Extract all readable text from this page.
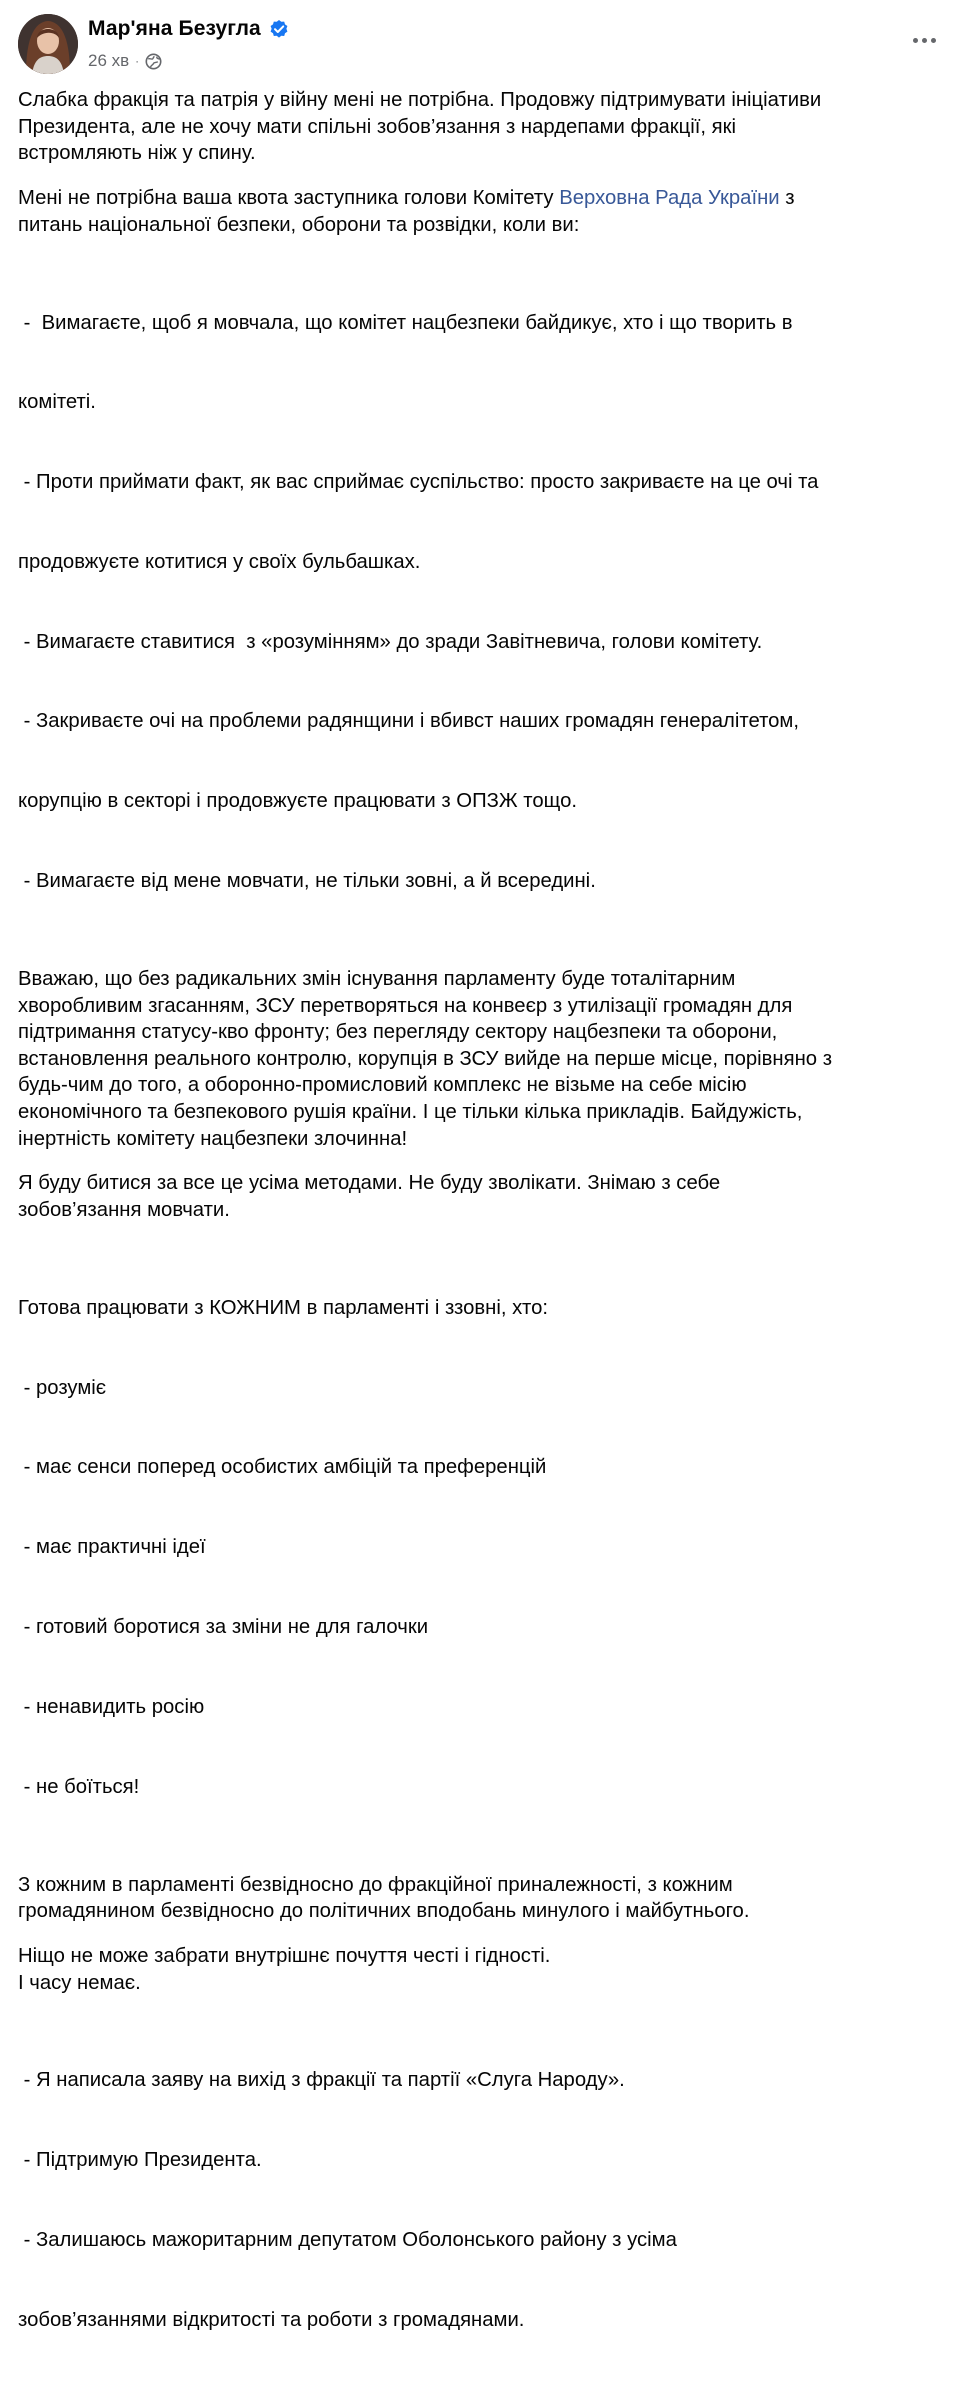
Мар'яна Безугла
26 хв ·
Слабка фракція та патрія у війну мені не потрібна. Продовжу підтримувати ініціативи
Президента, але не хочу мати спільні зобов’язання з нардепами фракції, які
встромляють ніж у спину.
Мені не потрібна ваша квота заступника голови Комітету Верховна Рада України з
питань національної безпеки, оборони та розвідки, коли ви:

-  Вимагаєте, щоб я мовчала, що комітет нацбезпеки байдикує, хто і що творить в

комітеті.

- Проти приймати факт, як вас сприймає суспільство: просто закриваєте на це очі та

продовжуєте котитися у своїх бульбашках.

- Вимагаєте ставитися  з «розумінням» до зради Завітневича, голови комітету.

- Закриваєте очі на проблеми радянщини і вбивст наших громадян генералітетом,

корупцію в секторі і продовжуєте працювати з ОПЗЖ тощо.

- Вимагаєте від мене мовчати, не тільки зовні, а й всередині.

Вважаю, що без радикальних змін існування парламенту буде тоталітарним
хворобливим згасанням, ЗСУ перетворяться на конвеєр з утилізації громадян для
підтримання статусу-кво фронту; без перегляду сектору нацбезпеки та оборони,
встановлення реального контролю, корупція в ЗСУ вийде на перше місце, порівняно з
будь-чим до того, а оборонно-промисловий комплекс не візьме на себе місію
економічного та безпекового рушія країни. І це тільки кілька прикладів. Байдужість,
інертність комітету нацбезпеки злочинна!
Я буду битися за все це усіма методами. Не буду зволікати. Знімаю з себе
зобов’язання мовчати.

Готова працювати з КОЖНИМ в парламенті і ззовні, хто:

- розуміє

- має сенси поперед особистих амбіцій та преференцій

- має практичні ідеї

- готовий боротися за зміни не для галочки

- ненавидить росію

- не боїться!

З кожним в парламенті безвідносно до фракційної приналежності, з кожним
громадянином безвідносно до політичних вподобань минулого і майбутнього.
Ніщо не може забрати внутрішнє почуття честі і гідності.
І часу немає.

- Я написала заяву на вихід з фракції та партії «Слуга Народу».

- Підтримую Президента.

- Залишаюсь мажоритарним депутатом Оболонського району з усіма

зобов’язаннями відкритості та роботи з громадянами.
